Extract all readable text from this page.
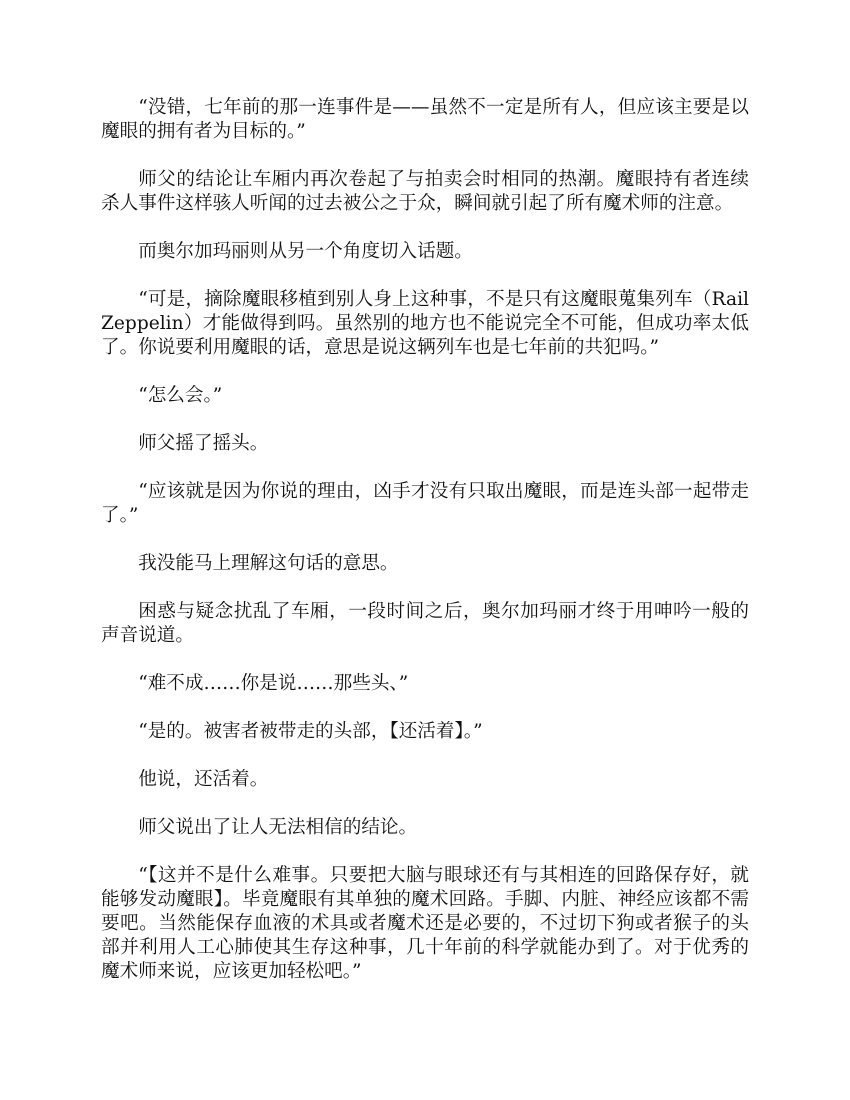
“没错，七年前的那一连事件是——虽然不一定是所有人，但应该主要是以魔眼的拥有者为目标的。”

师父的结论让车厢内再次卷起了与拍卖会时相同的热潮。魔眼持有者连续杀人事件这样骇人听闻的过去被公之于众，瞬间就引起了所有魔术师的注意。

而奥尔加玛丽则从另一个角度切入话题。

“可是，摘除魔眼移植到别人身上这种事，不是只有这魔眼蒐集列车（Rail　　Zeppelin）才能做得到吗。虽然别的地方也不能说完全不可能，但成功率太低了。你说要利用魔眼的话，意思是说这辆列车也是七年前的共犯吗。”

“怎么会。”

师父摇了摇头。

“应该就是因为你说的理由，凶手才没有只取出魔眼，而是连头部一起带走了。”

我没能马上理解这句话的意思。

困惑与疑念扰乱了车厢，一段时间之后，奥尔加玛丽才终于用呻吟一般的声音说道。

“难不成……你是说……那些头、”

“是的。被害者被带走的头部，【还活着】。”

他说，还活着。

师父说出了让人无法相信的结论。

“【这并不是什么难事。只要把大脑与眼球还有与其相连的回路保存好，就能够发动魔眼】。毕竟魔眼有其单独的魔术回路。手脚、内脏、神经应该都不需要吧。当然能保存血液的术具或者魔术还是必要的，不过切下狗或者猴子的头部并利用人工心肺使其生存这种事，几十年前的科学就能办到了。对于优秀的魔术师来说，应该更加轻松吧。”
